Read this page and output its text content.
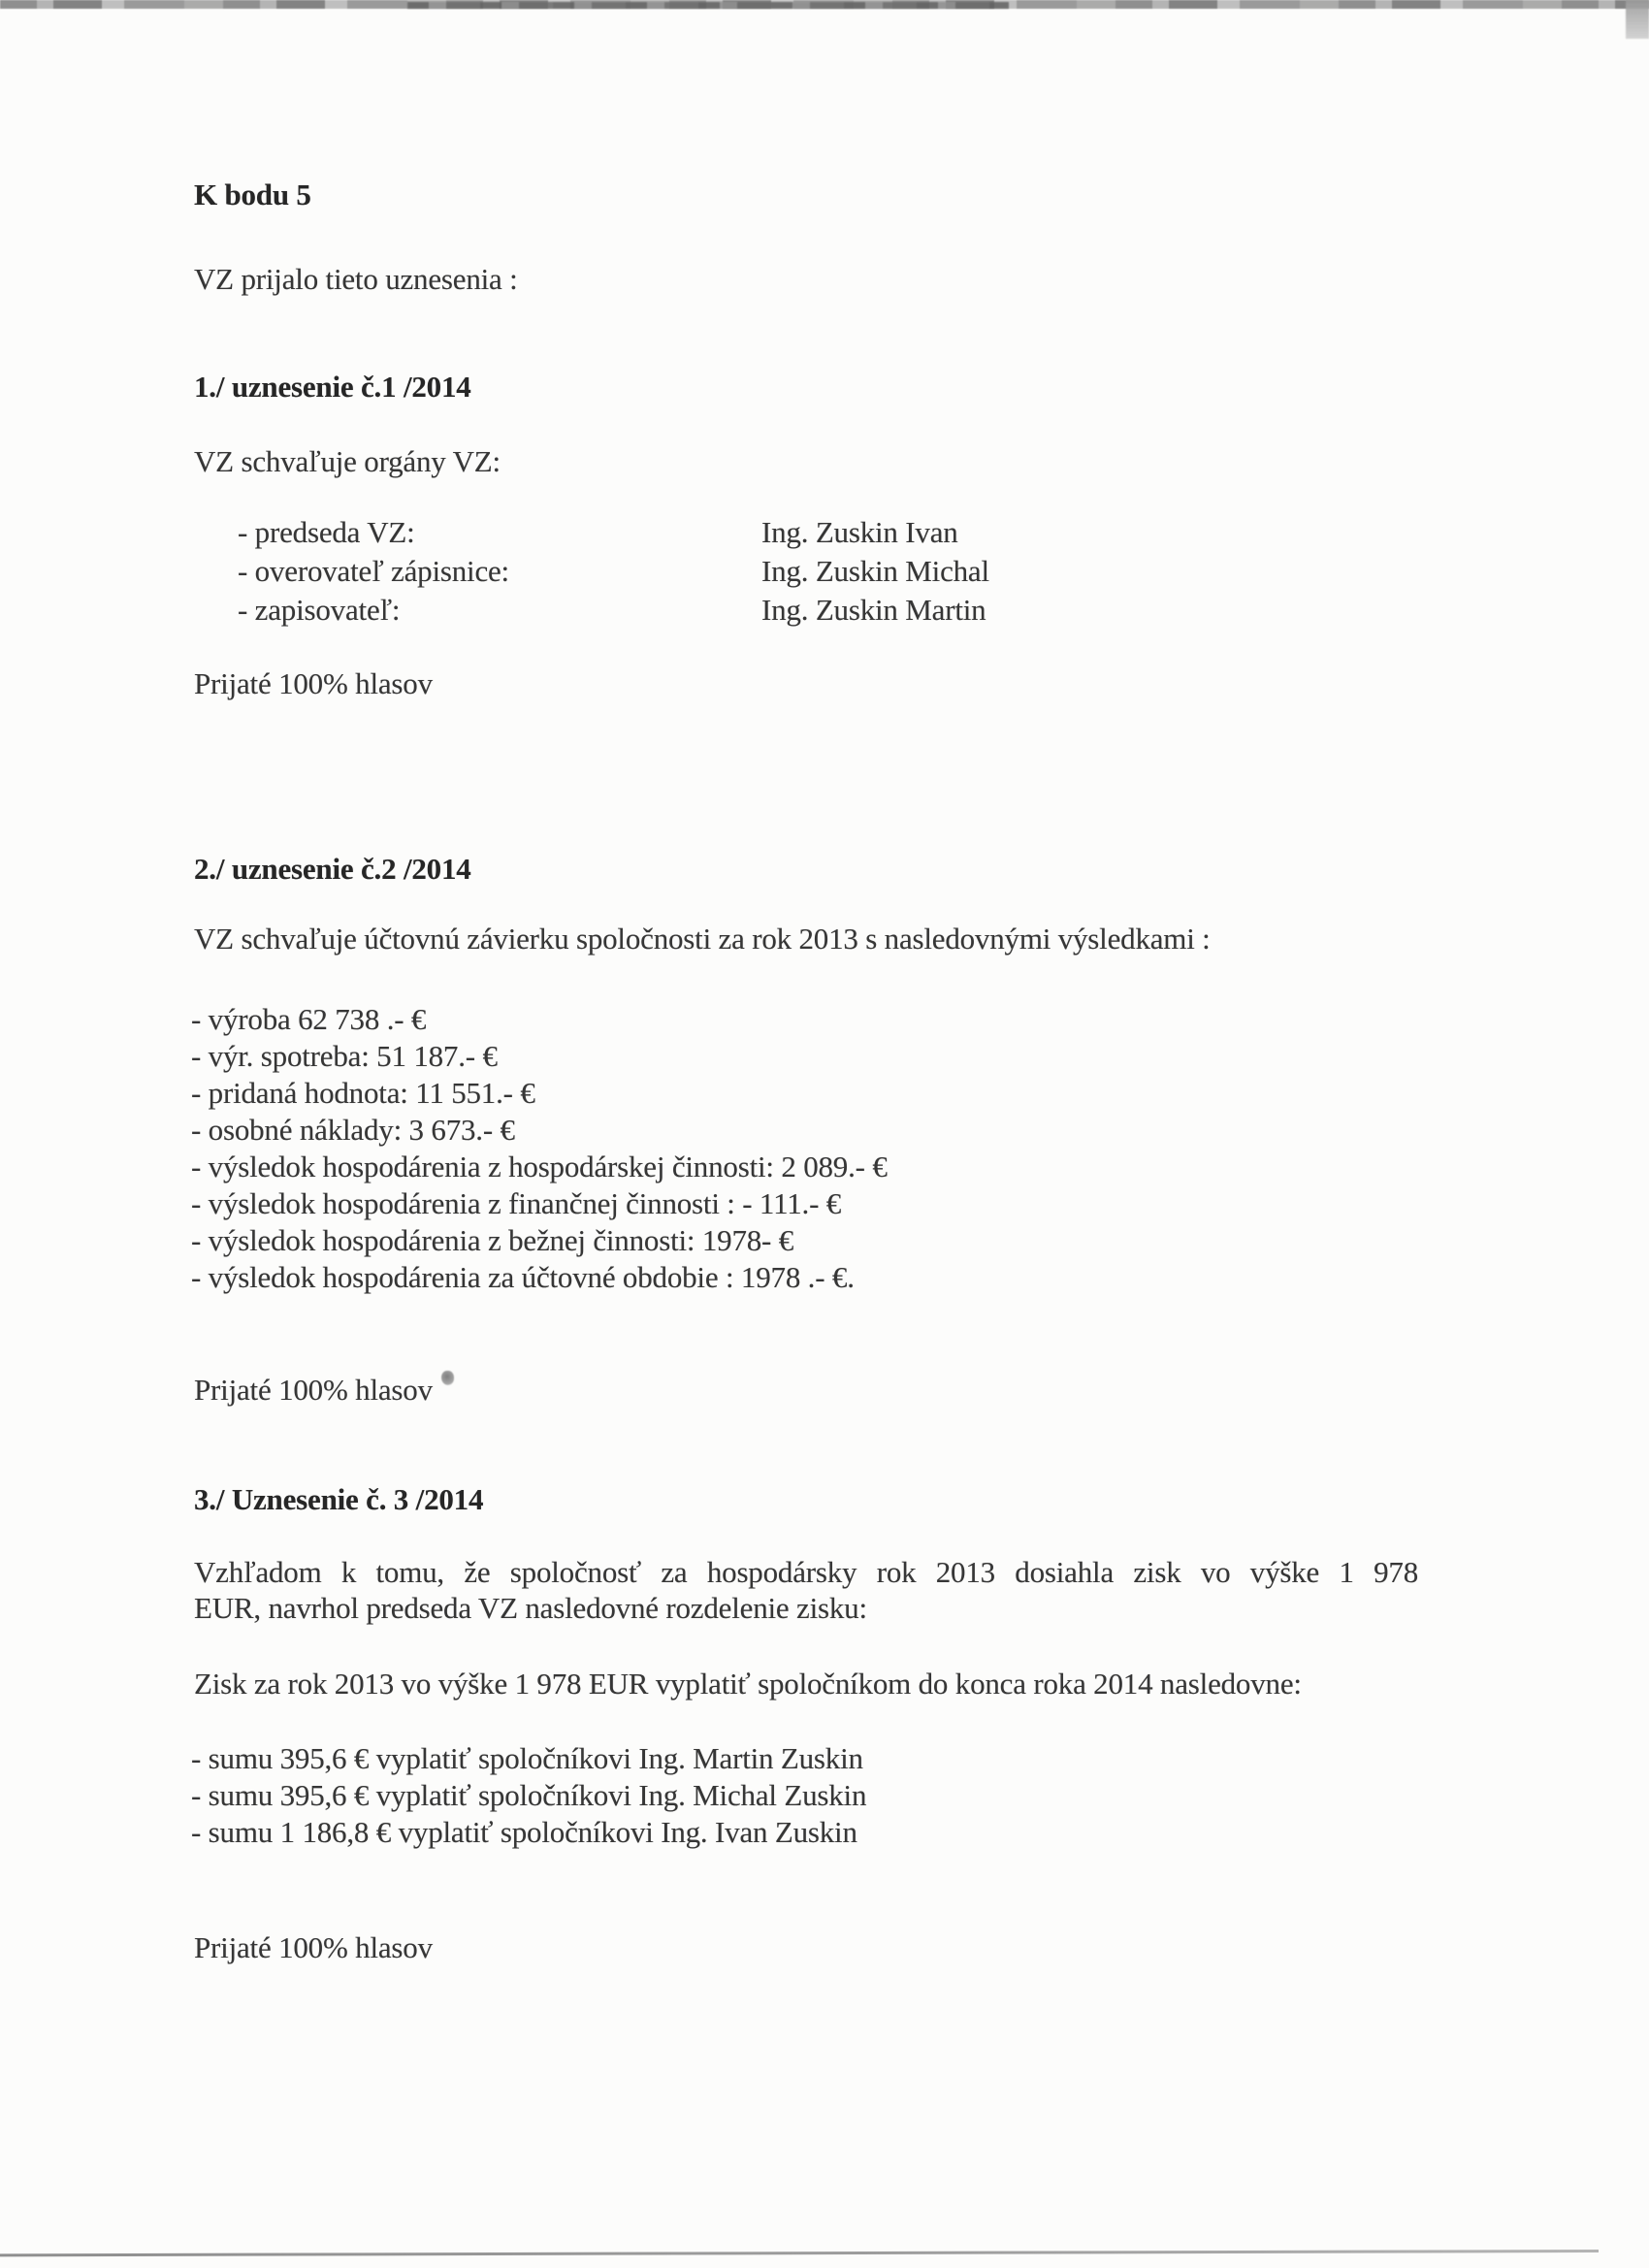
K bodu 5
VZ prijalo tieto uznesenia :
1./ uznesenie č.1 /2014
VZ schvaľuje orgány VZ:
- predseda VZ:	Ing. Zuskin Ivan
- overovateľ zápisnice:	Ing. Zuskin Michal
- zapisovateľ:	Ing. Zuskin Martin
Prijaté 100% hlasov
2./ uznesenie č.2 /2014
VZ schvaľuje účtovnú závierku spoločnosti za rok 2013 s nasledovnými výsledkami :
- výroba 62 738 .- €
- výr. spotreba: 51 187.- €
- pridaná hodnota: 11 551.- €
- osobné náklady: 3 673.- €
- výsledok hospodárenia z hospodárskej činnosti: 2 089.- €
- výsledok hospodárenia z finančnej činnosti : - 111.- €
- výsledok hospodárenia z bežnej činnosti: 1978- €
- výsledok hospodárenia za účtovné obdobie : 1978 .- €.
Prijaté 100% hlasov
3./ Uznesenie č. 3 /2014
Vzhľadom k tomu, že spoločnosť za hospodársky rok 2013 dosiahla zisk vo výške 1 978
EUR, navrhol predseda VZ nasledovné rozdelenie zisku:
Zisk za rok 2013 vo výške 1 978 EUR vyplatiť spoločníkom do konca roka 2014 nasledovne:
- sumu 395,6 € vyplatiť spoločníkovi Ing. Martin Zuskin
- sumu 395,6 € vyplatiť spoločníkovi Ing. Michal Zuskin
- sumu 1 186,8 € vyplatiť spoločníkovi Ing. Ivan Zuskin
Prijaté 100% hlasov
